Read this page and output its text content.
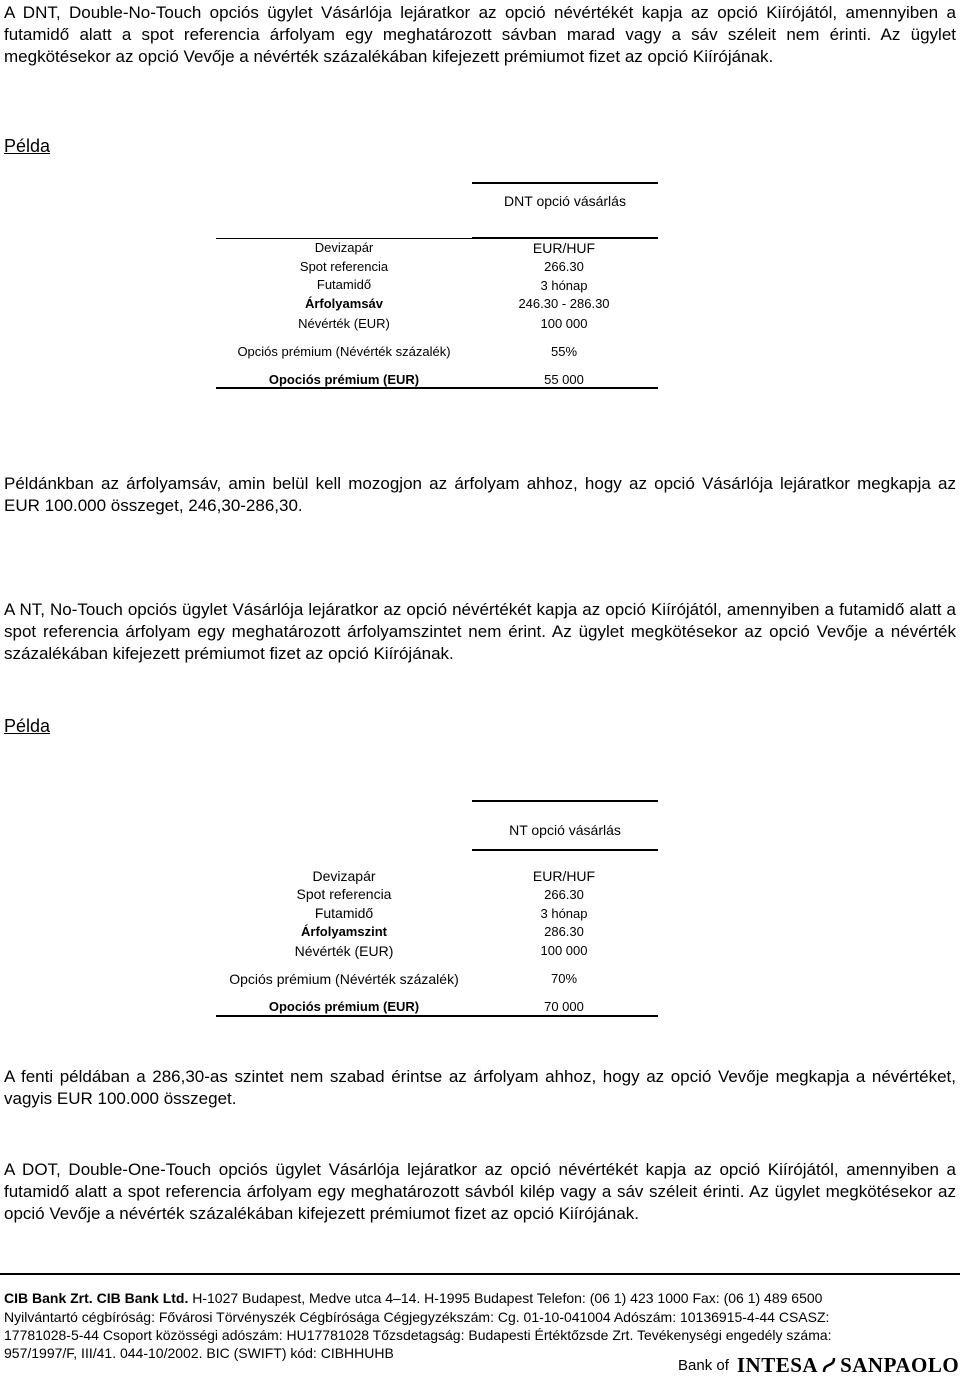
A DNT, Double-No-Touch opciós ügylet Vásárlója lejáratkor az opció névértékét kapja az opció Kiírójától, amennyiben a futamidő alatt a spot referencia árfolyam egy meghatározott sávban marad vagy a sáv széleit nem érinti. Az ügylet megkötésekor az opció Vevője a névérték százalékában kifejezett prémiumot fizet az opció Kiírójának.
Példa
DNT opció vásárlás
Devizapár	EUR/HUF
Spot referencia	266.30
Futamidő	3 hónap
Árfolyamsáv	246.30 - 286.30
Névérték (EUR)	100 000
Opciós prémium (Névérték százalék)	55%
Opociós prémium (EUR)	55 000
Példánkban az árfolyamsáv, amin belül kell mozogjon az árfolyam ahhoz, hogy az opció Vásárlója lejáratkor megkapja az EUR 100.000 összeget, 246,30-286,30.
A NT, No-Touch opciós ügylet Vásárlója lejáratkor az opció névértékét kapja az opció Kiírójától, amennyiben a futamidő alatt a spot referencia árfolyam egy meghatározott árfolyamszintet nem érint. Az ügylet megkötésekor az opció Vevője a névérték százalékában kifejezett prémiumot fizet az opció Kiírójának.
Példa
NT opció vásárlás
Devizapár	EUR/HUF
Spot referencia	266.30
Futamidő	3 hónap
Árfolyamszint	286.30
Névérték (EUR)	100 000
Opciós prémium (Névérték százalék)	70%
Opociós prémium (EUR)	70 000
A fenti példában a 286,30-as szintet nem szabad érintse az árfolyam ahhoz, hogy az opció Vevője megkapja a névértéket, vagyis EUR 100.000 összeget.
A DOT, Double-One-Touch opciós ügylet Vásárlója lejáratkor az opció névértékét kapja az opció Kiírójától, amennyiben a futamidő alatt a spot referencia árfolyam egy meghatározott sávból kilép vagy a sáv széleit érinti. Az ügylet megkötésekor az opció Vevője a névérték százalékában kifejezett prémiumot fizet az opció Kiírójának.
CIB Bank Zrt. CIB Bank Ltd. H-1027 Budapest, Medve utca 4–14. H-1995 Budapest Telefon: (06 1) 423 1000 Fax: (06 1) 489 6500
Nyilvántartó cégbíróság: Fővárosi Törvényszék Cégbírósága Cégjegyzékszám: Cg. 01-10-041004 Adószám: 10136915-4-44 CSASZ:
17781028-5-44 Csoport közösségi adószám: HU17781028 Tőzsdetagság: Budapesti Értéktőzsde Zrt. Tevékenységi engedély száma:
957/1997/F, III/41. 044-10/2002. BIC (SWIFT) kód: CIBHHUHB
Bank of INTESA SANPAOLO
